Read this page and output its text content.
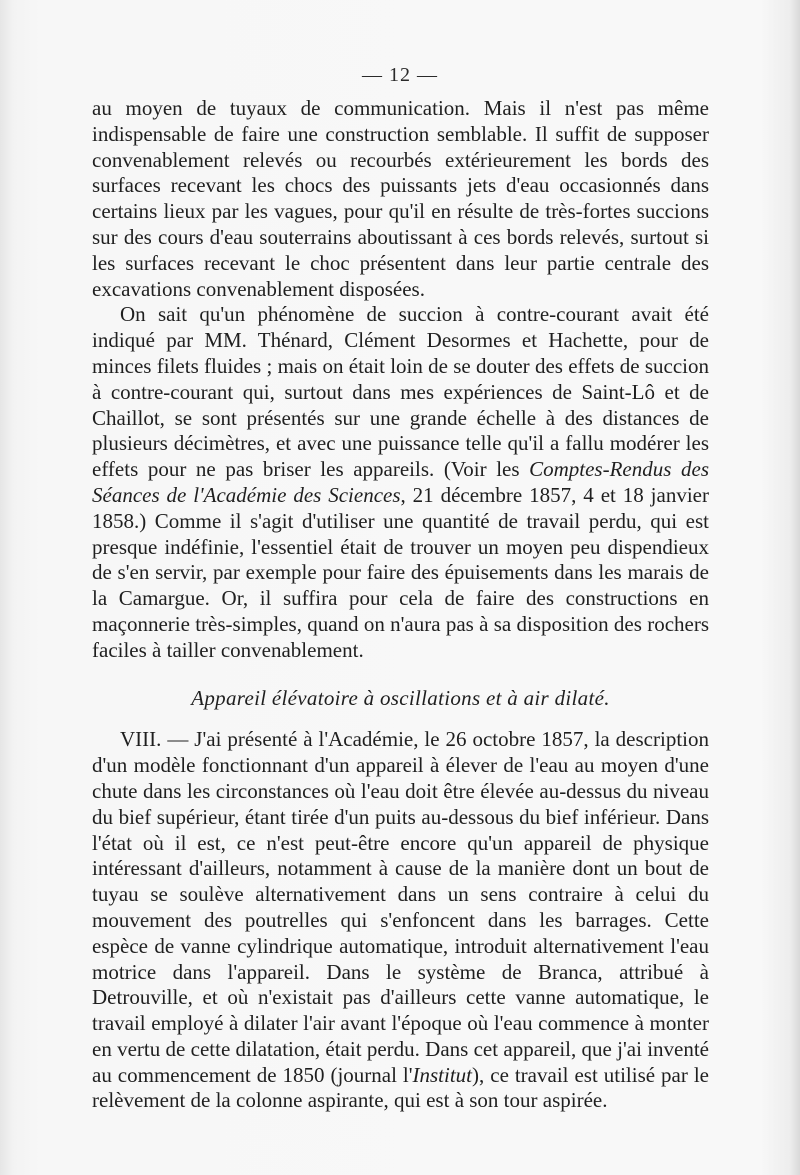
— 12 —

au moyen de tuyaux de communication. Mais il n'est pas même indispensable de faire une construction semblable. Il suffit de supposer convenablement relevés ou recourbés extérieurement les bords des surfaces recevant les chocs des puissants jets d'eau occasionnés dans certains lieux par les vagues, pour qu'il en résulte de très-fortes succions sur des cours d'eau souterrains aboutissant à ces bords relevés, surtout si les surfaces recevant le choc présentent dans leur partie centrale des excavations convenablement disposées.

On sait qu'un phénomène de succion à contre-courant avait été indiqué par MM. Thénard, Clément Desormes et Hachette, pour de minces filets fluides ; mais on était loin de se douter des effets de succion à contre-courant qui, surtout dans mes expériences de Saint-Lô et de Chaillot, se sont présentés sur une grande échelle à des distances de plusieurs décimètres, et avec une puissance telle qu'il a fallu modérer les effets pour ne pas briser les appareils. (Voir les Comptes-Rendus des Séances de l'Académie des Sciences, 21 décembre 1857, 4 et 18 janvier 1858.) Comme il s'agit d'utiliser une quantité de travail perdu, qui est presque indéfinie, l'essentiel était de trouver un moyen peu dispendieux de s'en servir, par exemple pour faire des épuisements dans les marais de la Camargue. Or, il suffira pour cela de faire des constructions en maçonnerie très-simples, quand on n'aura pas à sa disposition des rochers faciles à tailler convenablement.

Appareil élévatoire à oscillations et à air dilaté.

VIII. — J'ai présenté à l'Académie, le 26 octobre 1857, la description d'un modèle fonctionnant d'un appareil à élever de l'eau au moyen d'une chute dans les circonstances où l'eau doit être élevée au-dessus du niveau du bief supérieur, étant tirée d'un puits au-dessous du bief inférieur. Dans l'état où il est, ce n'est peut-être encore qu'un appareil de physique intéressant d'ailleurs, notamment à cause de la manière dont un bout de tuyau se soulève alternativement dans un sens contraire à celui du mouvement des poutrelles qui s'enfoncent dans les barrages. Cette espèce de vanne cylindrique automatique, introduit alternativement l'eau motrice dans l'appareil. Dans le système de Branca, attribué à Detrouville, et où n'existait pas d'ailleurs cette vanne automatique, le travail employé à dilater l'air avant l'époque où l'eau commence à monter en vertu de cette dilatation, était perdu. Dans cet appareil, que j'ai inventé au commencement de 1850 (journal l'Institut), ce travail est utilisé par le relèvement de la colonne aspirante, qui est à son tour aspirée.
